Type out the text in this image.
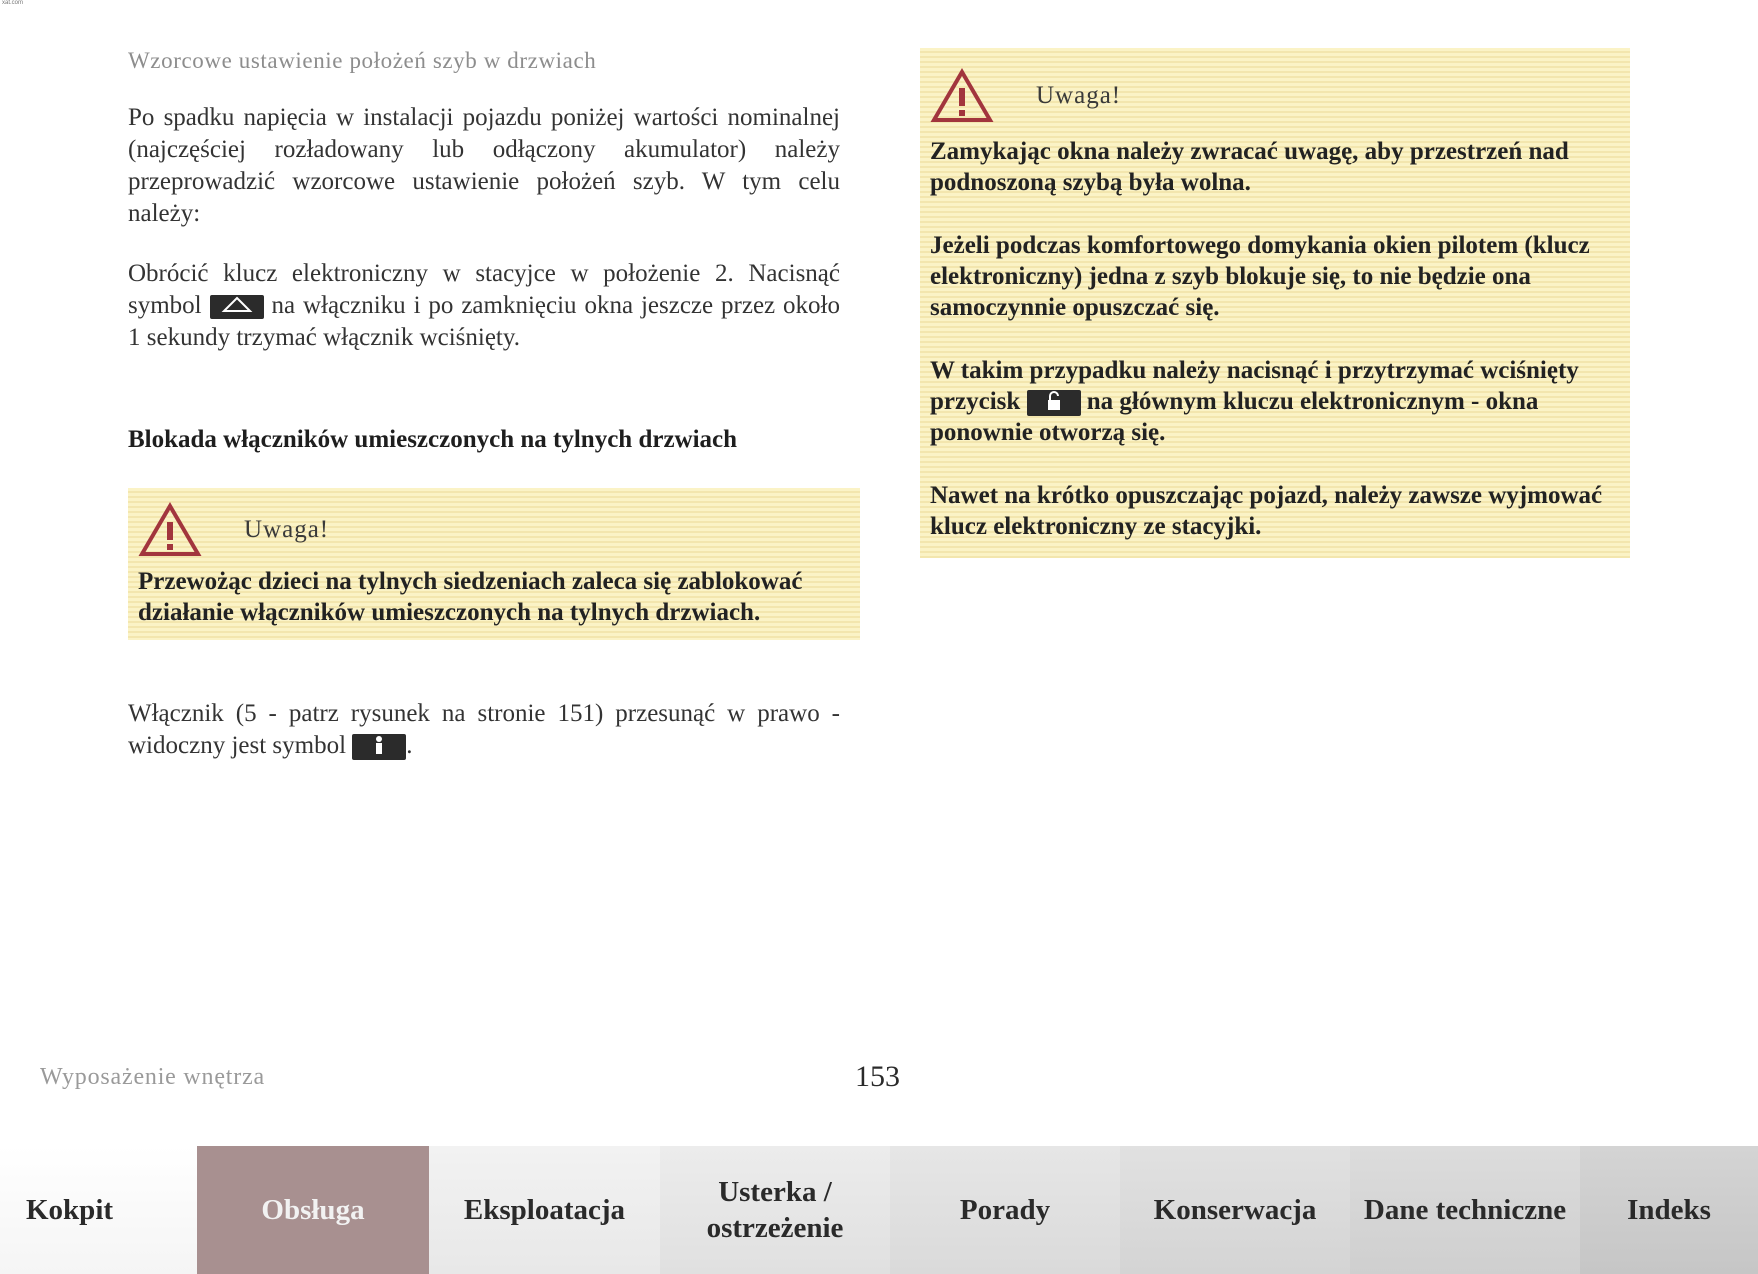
xat.com
Wzorcowe ustawienie położeń szyb w drzwiach

Po spadku napięcia w instalacji pojazdu poniżej wartości nominalnej (najczęściej rozładowany lub odłączony akumulator) należy przeprowadzić wzorcowe ustawienie położeń szyb. W tym celu należy:

Obrócić klucz elektroniczny w stacyjce w położenie 2. Nacisnąć symbol	na włączniku i po zamknięciu okna jeszcze przez około 1 sekundy trzymać włącznik wciśnięty.

Blokada włączników umieszczonych na tylnych drzwiach
Uwaga!

Przewożąc dzieci na tylnych siedzeniach zaleca się zablokować działanie włączników umieszczonych na tylnych drzwiach.

Włącznik (5 - patrz rysunek na stronie 151) przesunąć w prawo - widoczny jest symbol .

Uwaga!

Zamykając okna należy zwracać uwagę, aby przestrzeń nad podnoszoną szybą była wolna.

Jeżeli podczas komfortowego domykania okien pilotem (klucz elektroniczny) jedna z szyb blokuje się, to nie będzie ona samoczynnie opuszczać się.

W takim przypadku należy nacisnąć i przytrzymać wciśnięty przycisk	na głównym kluczu elektronicznym - okna ponownie otworzą się.

Nawet na krótko opuszczając pojazd, należy zawsze wyjmować klucz elektroniczny ze stacyjki.

Wyposażenie wnętrza	153
Kokpit	Obsługa	Eksploatacja
Usterka / ostrzeżenie
Porady	Konserwacja	Dane techniczne	Indeks
